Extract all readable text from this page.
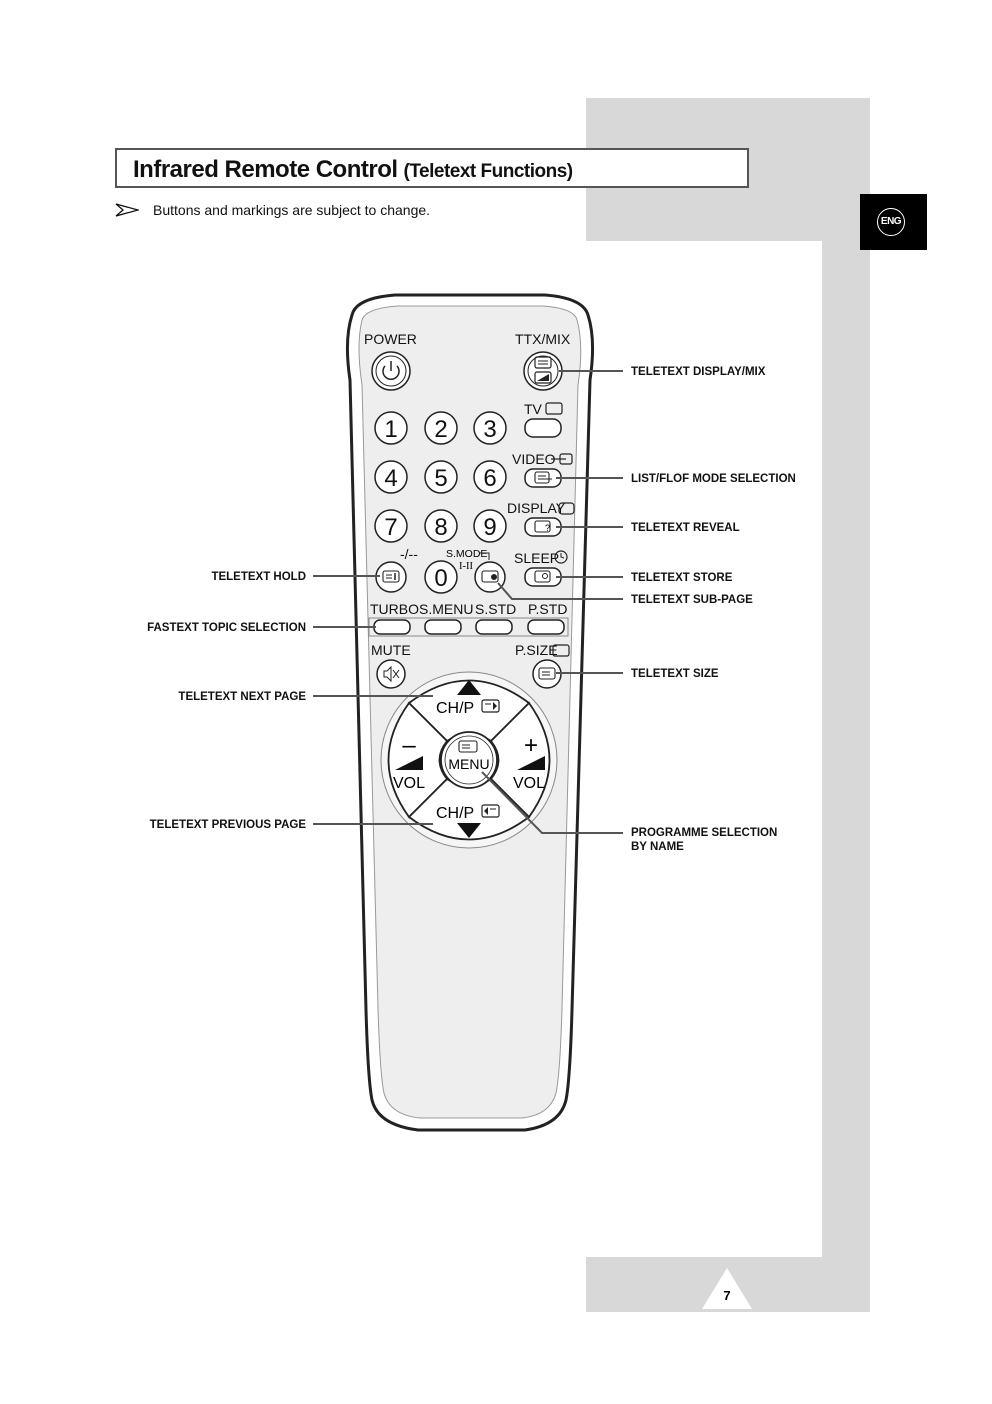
ENG
Infrared Remote Control (Teletext Functions)
Buttons and markings are subject to change.
POWER	TTX/MIX
TV
1 2 3
4 5 6
7 8 9
0
VIDEO
DISPLAY
?
-/--	S.MODE
I-II
SLEEP
TURBO S.MENU S.STD P.STD
MUTE	P.SIZE
CH/P
CH/P
–	+
VOL	VOL
MENU
TELETEXT DISPLAY/MIX
LIST/FLOF MODE SELECTION
TELETEXT REVEAL
TELETEXT STORE
TELETEXT SUB-PAGE
TELETEXT SIZE
PROGRAMME SELECTION
BY NAME
TELETEXT HOLD
FASTEXT TOPIC SELECTION
TELETEXT NEXT PAGE
TELETEXT PREVIOUS PAGE
7
